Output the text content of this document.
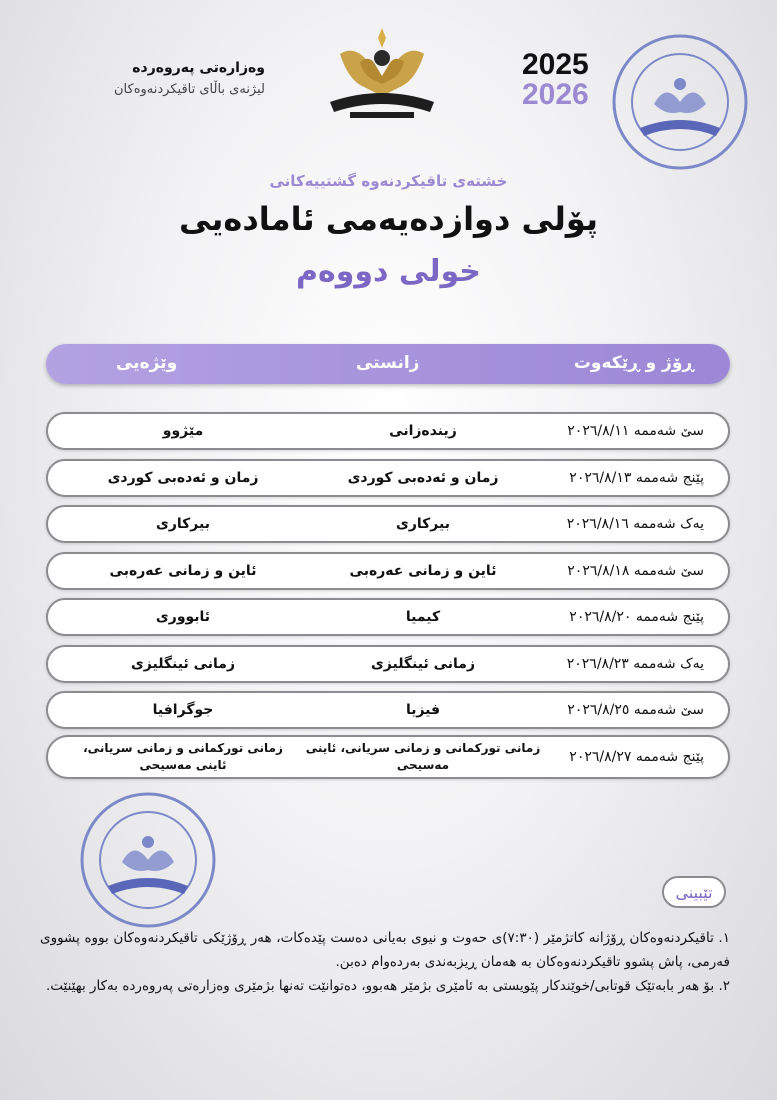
وەزارەتی پەروەردە
لیژنەی باڵای تاقیکردنەوەکان
2025
2026
خشتەی تاقیکردنەوە گشتییەکانی
پۆلی دوازدەیەمی ئامادەیی
خولی دووەم
ڕۆژ و ڕێکەوت
زانستی
وێژەیی
سێ شەممە ٢٠٢٦/٨/١١
زیندەزانی
مێژوو
پێنج شەممە ٢٠٢٦/٨/١٣
زمان و ئەدەبی کوردی
زمان و ئەدەبی کوردی
یەک شەممە ٢٠٢٦/٨/١٦
بیرکاری
بیرکاری
سێ شەممە ٢٠٢٦/٨/١٨
ئاین و زمانی عەرەبی
ئاین و زمانی عەرەبی
پێنج شەممە ٢٠٢٦/٨/٢٠
کیمیا
ئابووری
یەک شەممە ٢٠٢٦/٨/٢٣
زمانی ئینگلیزی
زمانی ئینگلیزی
سێ شەممە ٢٠٢٦/٨/٢٥
فیزیا
جوگرافیا
پێنج شەممە ٢٠٢٦/٨/٢٧
زمانی تورکمانی و زمانی سریانی، ئاینی مەسیحی
زمانی تورکمانی و زمانی سریانی، ئاینی مەسیحی
تێبینی

١. تاقیکردنەوەکان ڕۆژانە کاتژمێر (٧:٣٠)ی حەوت و نیوی بەیانی دەست پێدەکات، هەر ڕۆژێکی تاقیکردنەوەکان بووە پشووی فەرمی، پاش پشوو تاقیکردنەوەکان بە هەمان ڕیزبەندی بەردەوام دەبن.

٢. بۆ هەر بابەتێک قوتابی/خوێندکار پێویستی بە ئامێری بژمێر هەبوو، دەتوانێت تەنها بژمێری وەزارەتی پەروەردە بەکار بهێنێت.
